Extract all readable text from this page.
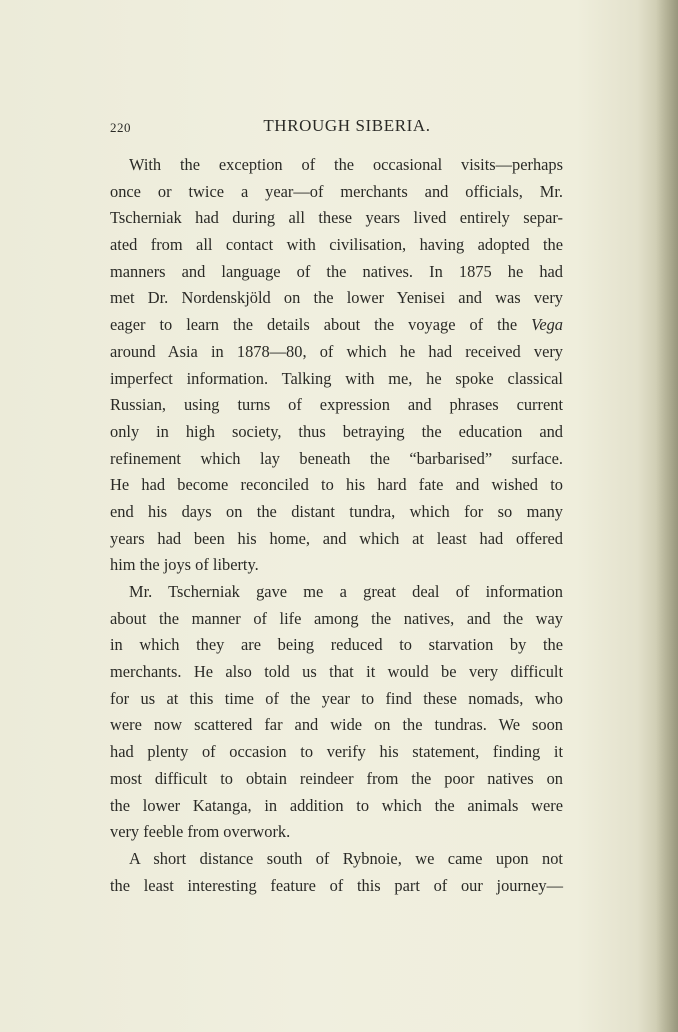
220	THROUGH SIBERIA.
With the exception of the occasional visits—perhaps
once or twice a year—of merchants and officials, Mr.
Tscherniak had during all these years lived entirely separ-
ated from all contact with civilisation, having adopted the
manners and language of the natives. In 1875 he had
met Dr. Nordenskjöld on the lower Yenisei and was very
eager to learn the details about the voyage of the Vega
around Asia in 1878—80, of which he had received very
imperfect information. Talking with me, he spoke classical
Russian, using turns of expression and phrases current
only in high society, thus betraying the education and
refinement which lay beneath the “barbarised” surface.
He had become reconciled to his hard fate and wished to
end his days on the distant tundra, which for so many
years had been his home, and which at least had offered
him the joys of liberty.
Mr. Tscherniak gave me a great deal of information
about the manner of life among the natives, and the way
in which they are being reduced to starvation by the
merchants. He also told us that it would be very difficult
for us at this time of the year to find these nomads, who
were now scattered far and wide on the tundras. We soon
had plenty of occasion to verify his statement, finding it
most difficult to obtain reindeer from the poor natives on
the lower Katanga, in addition to which the animals were
very feeble from overwork.
A short distance south of Rybnoie, we came upon not
the least interesting feature of this part of our journey—
